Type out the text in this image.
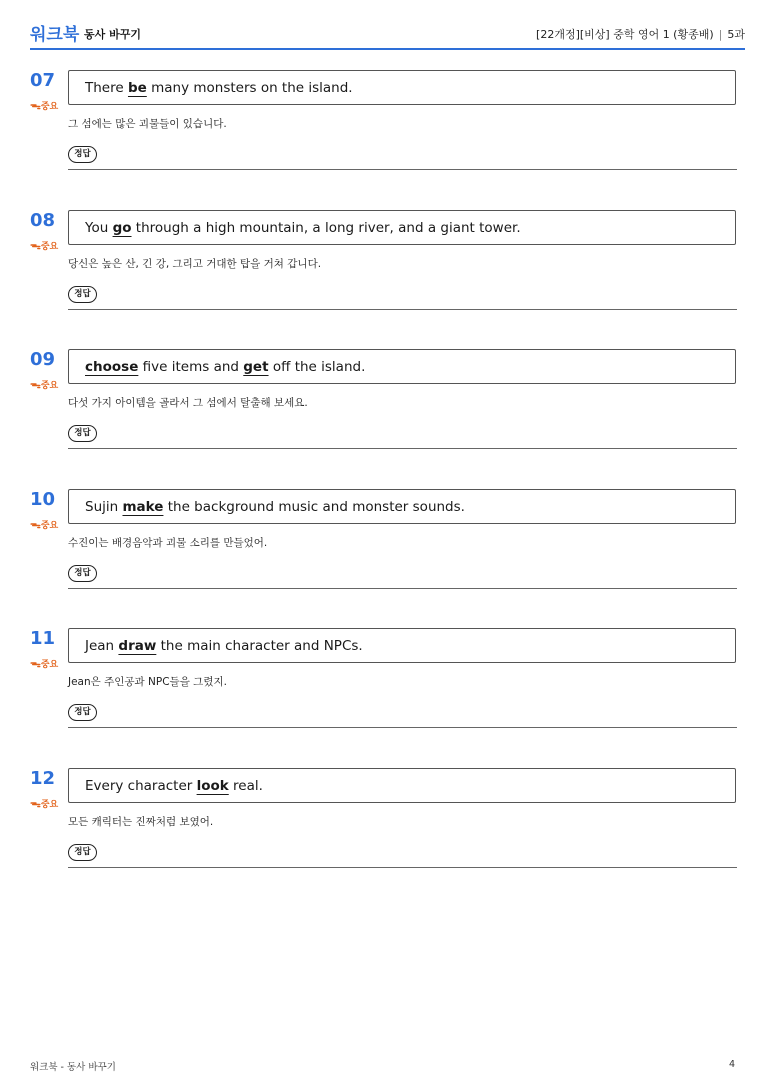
워크북 동사 바꾸기	[22개정][비상] 중학 영어 1 (황종배) | 5과
07
ᯓ중요
There be many monsters on the island.
그 섬에는 많은 괴물들이 있습니다.
정답
08
ᯓ중요
You go through a high mountain, a long river, and a giant tower.
당신은 높은 산, 긴 강, 그리고 거대한 탑을 거쳐 갑니다.
정답
09
ᯓ중요
choose five items and get off the island.
다섯 가지 아이템을 골라서 그 섬에서 탈출해 보세요.
정답
10
ᯓ중요
Sujin make the background music and monster sounds.
수진이는 배경음악과 괴물 소리를 만들었어.
정답
11
ᯓ중요
Jean draw the main character and NPCs.
Jean은 주인공과 NPC들을 그렸지.
정답
12
ᯓ중요
Every character look real.
모든 캐릭터는 진짜처럼 보였어.
정답
워크북 - 동사 바꾸기	4
